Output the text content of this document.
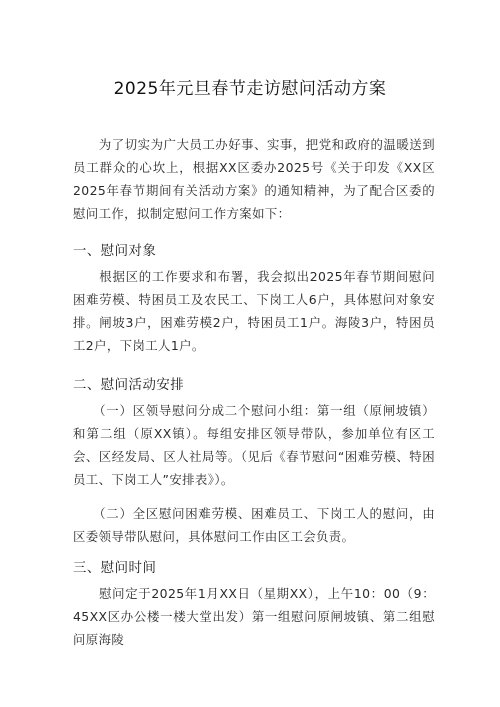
2025年元旦春节走访慰问活动方案

　　为了切实为广大员工办好事、实事，把党和政府的温暖送到员工群众的心坎上，根据XX区委办2025号《关于印发《XX区2025年春节期间有关活动方案》的通知精神，为了配合区委的慰问工作，拟制定慰问工作方案如下：

一、慰问对象

　　根据区的工作要求和布署，我会拟出2025年春节期间慰问困难劳模、特困员工及农民工、下岗工人6户，具体慰问对象安排。闸坡3户，困难劳模2户，特困员工1户。海陵3户，特困员工2户，下岗工人1户。

二、慰问活动安排

　　（一）区领导慰问分成二个慰问小组：第一组（原闸坡镇）和第二组（原XX镇）。每组安排区领导带队，参加单位有区工会、区经发局、区人社局等。（见后《春节慰问“困难劳模、特困员工、下岗工人”安排表》）。

　　（二）全区慰问困难劳模、困难员工、下岗工人的慰问，由区委领导带队慰问，具体慰问工作由区工会负责。

三、慰问时间

　　慰问定于2025年1月XX日（星期XX），上午10：00（9：45XX区办公楼一楼大堂出发）第一组慰问原闸坡镇、第二组慰问原海陵
